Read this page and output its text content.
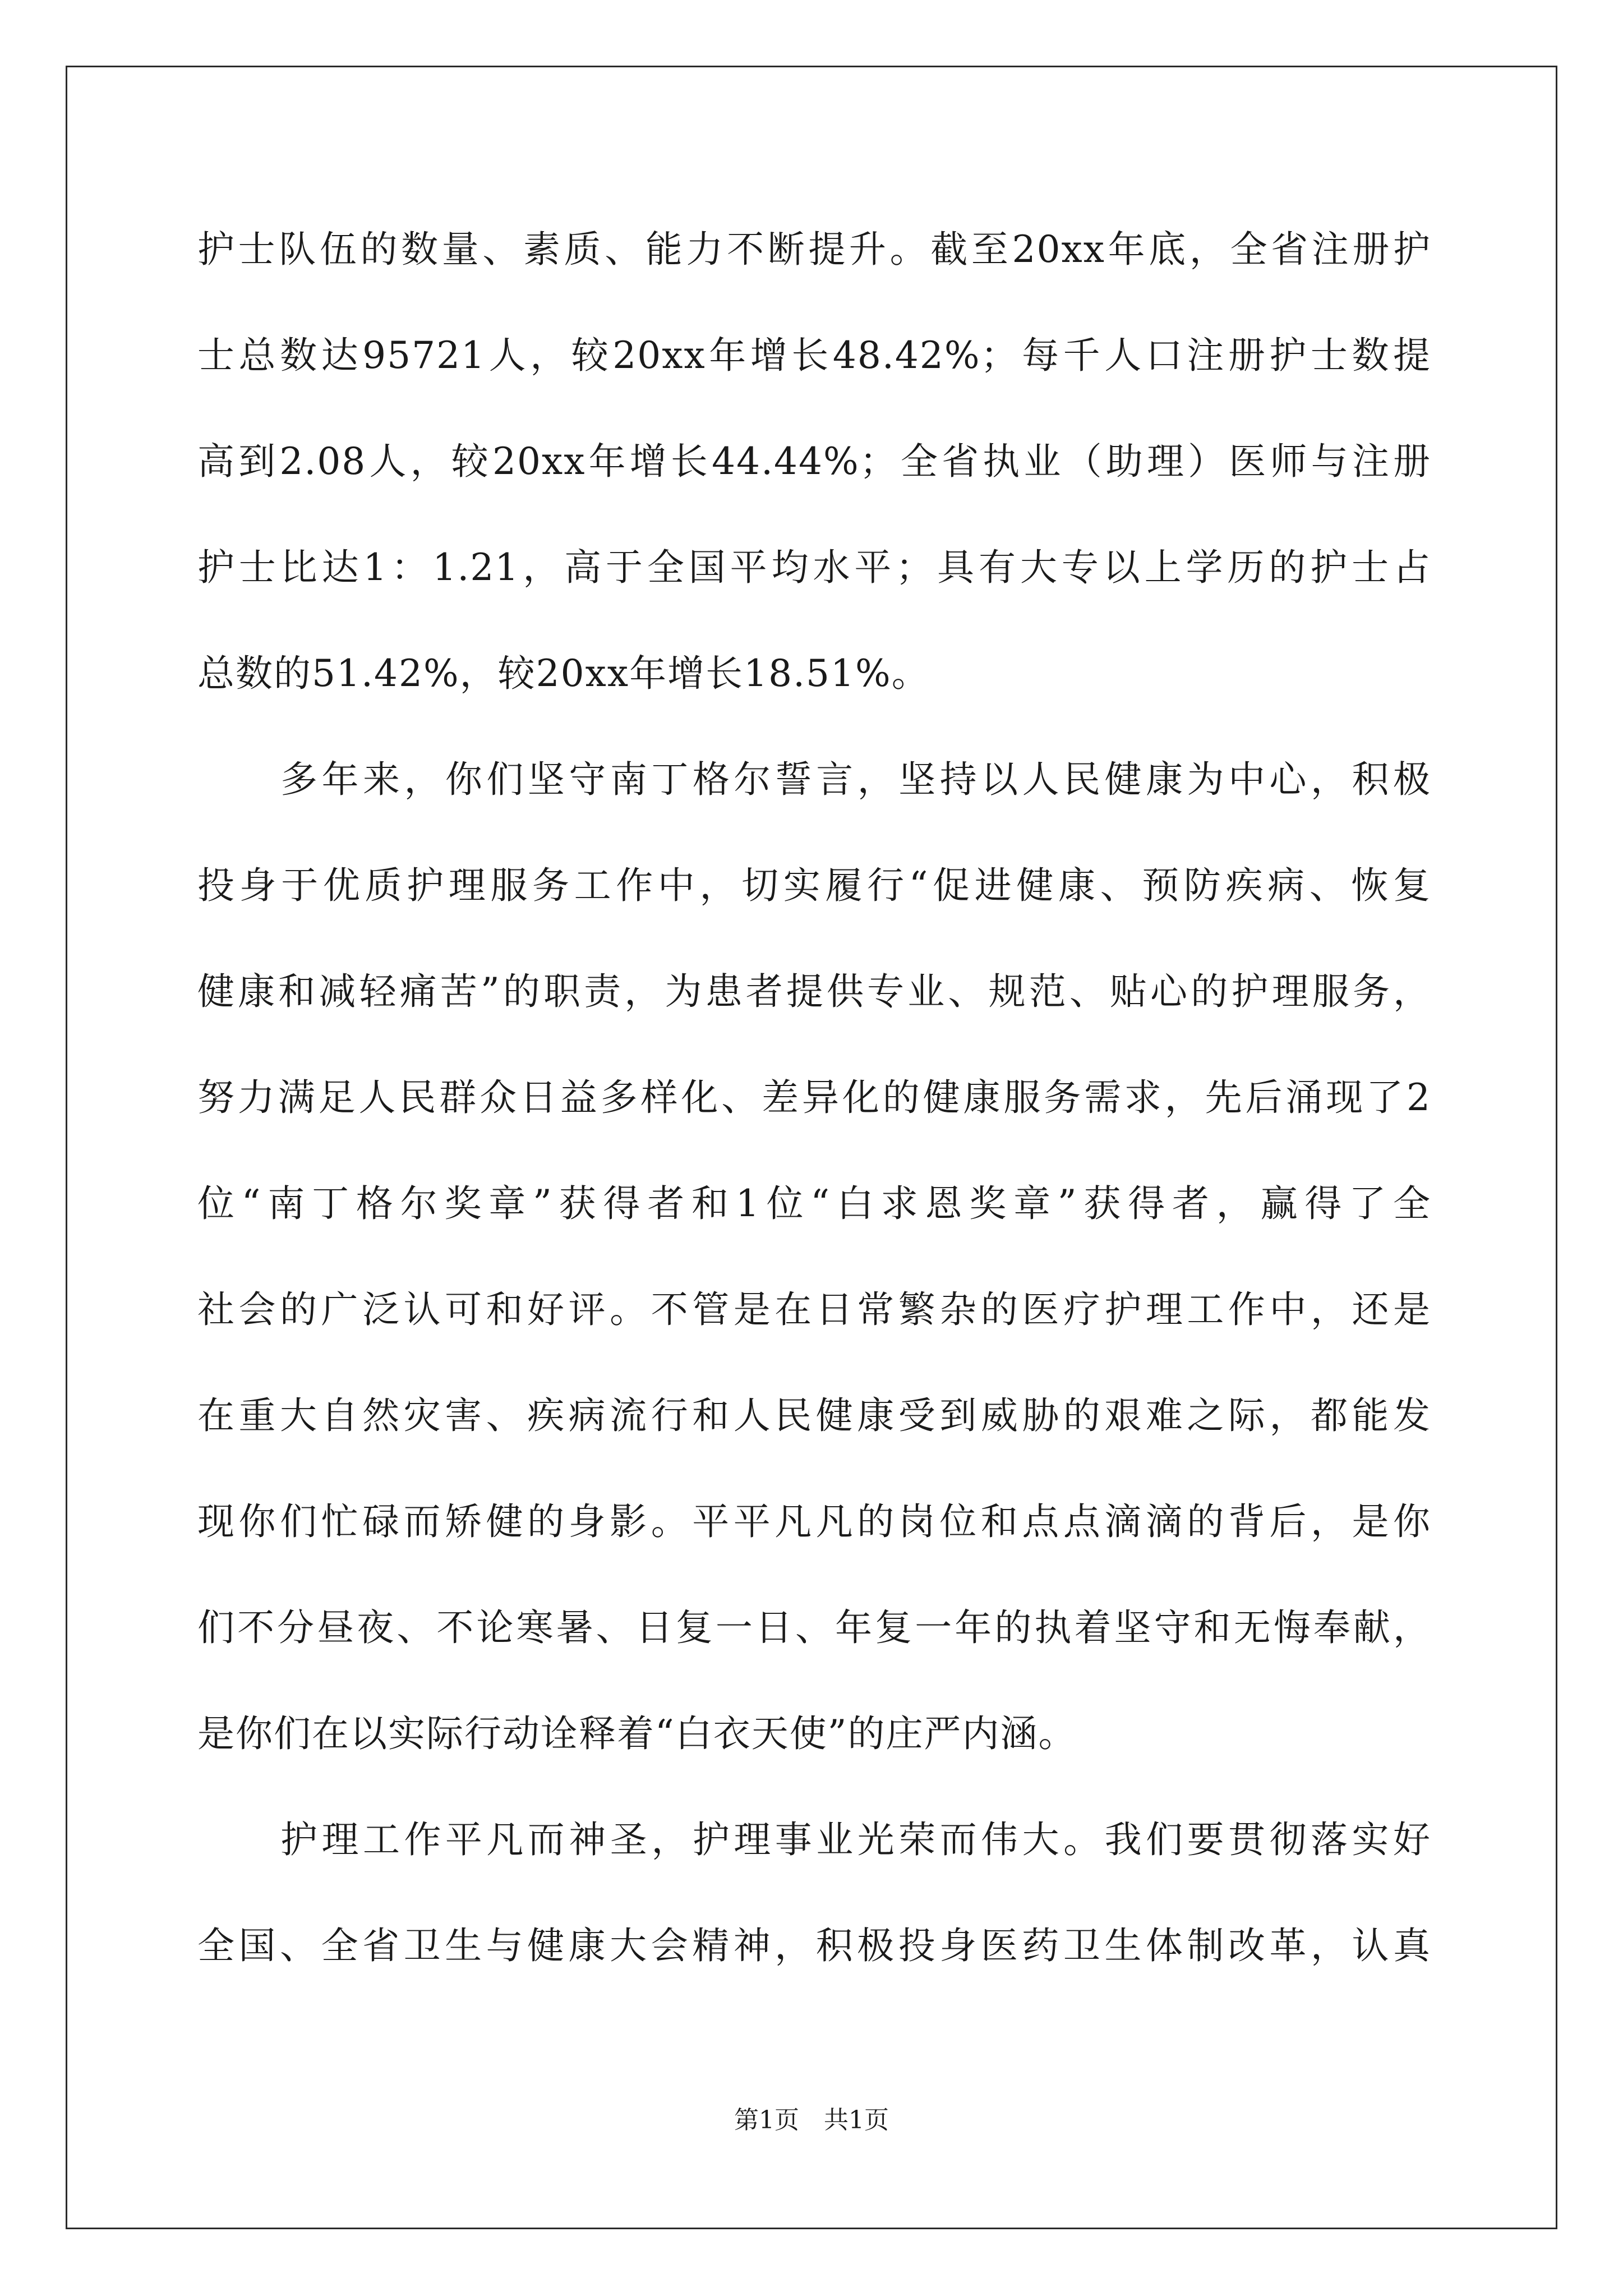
护士队伍的数量、素质、能力不断提升。截至20xx年底，全省注册护
士总数达95721人，较20xx年增长48.42%；每千人口注册护士数提
高到2.08人，较20xx年增长44.44%；全省执业（助理）医师与注册
护士比达1：1.21，高于全国平均水平；具有大专以上学历的护士占
总数的51.42%，较20xx年增长18.51%。
多年来，你们坚守南丁格尔誓言，坚持以人民健康为中心，积极
投身于优质护理服务工作中，切实履行“促进健康、预防疾病、恢复
健康和减轻痛苦”的职责，为患者提供专业、规范、贴心的护理服务，
努力满足人民群众日益多样化、差异化的健康服务需求，先后涌现了2
位“南丁格尔奖章”获得者和1位“白求恩奖章”获得者，赢得了全
社会的广泛认可和好评。不管是在日常繁杂的医疗护理工作中，还是
在重大自然灾害、疾病流行和人民健康受到威胁的艰难之际，都能发
现你们忙碌而矫健的身影。平平凡凡的岗位和点点滴滴的背后，是你
们不分昼夜、不论寒暑、日复一日、年复一年的执着坚守和无悔奉献，
是你们在以实际行动诠释着“白衣天使”的庄严内涵。
护理工作平凡而神圣，护理事业光荣而伟大。我们要贯彻落实好
全国、全省卫生与健康大会精神，积极投身医药卫生体制改革，认真
第1页　共1页
